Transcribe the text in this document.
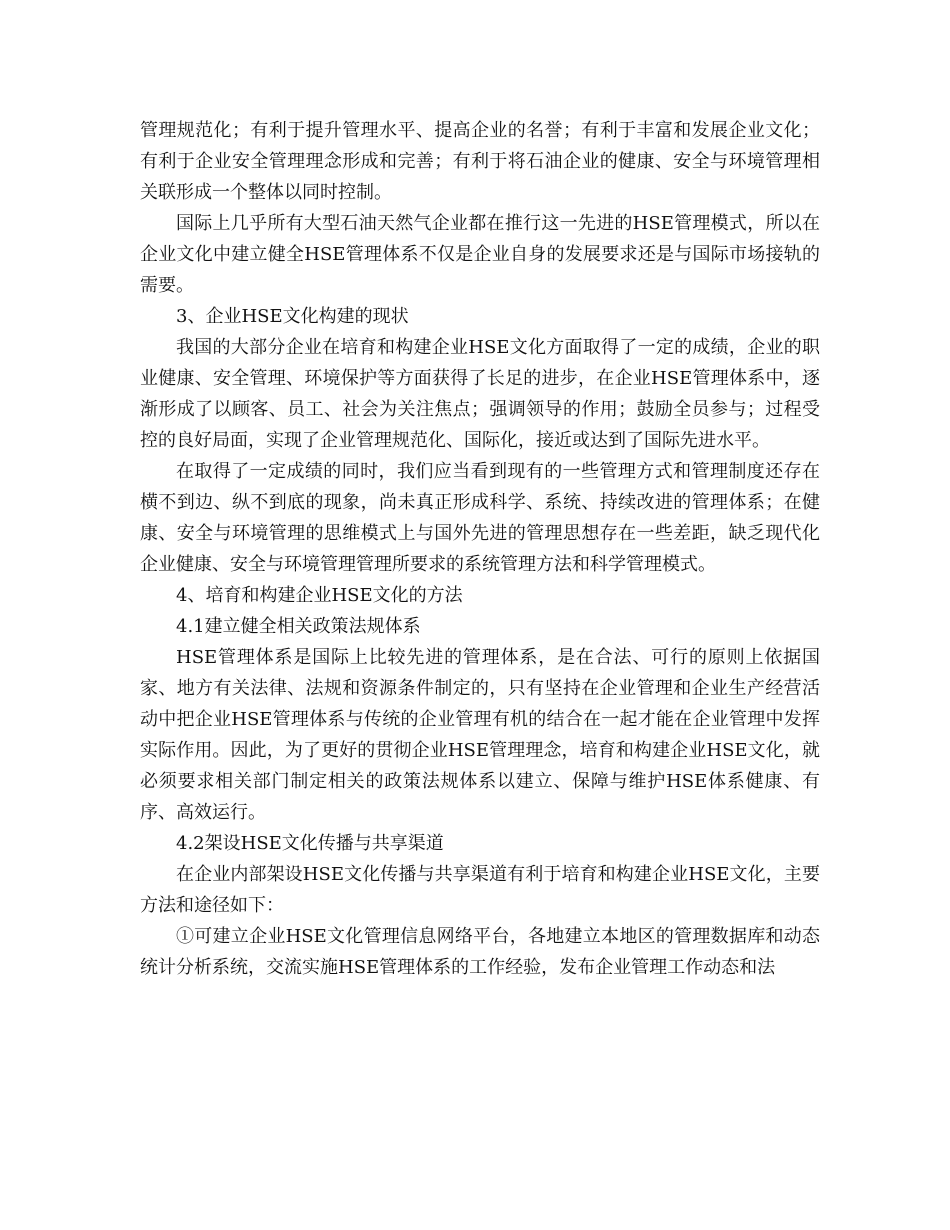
管理规范化；有利于提升管理水平、提高企业的名誉；有利于丰富和发展企业文化；有利于企业安全管理理念形成和完善；有利于将石油企业的健康、安全与环境管理相关联形成一个整体以同时控制。

国际上几乎所有大型石油天然气企业都在推行这一先进的HSE管理模式，所以在企业文化中建立健全HSE管理体系不仅是企业自身的发展要求还是与国际市场接轨的需要。

3、企业HSE文化构建的现状

我国的大部分企业在培育和构建企业HSE文化方面取得了一定的成绩，企业的职业健康、安全管理、环境保护等方面获得了长足的进步，在企业HSE管理体系中，逐渐形成了以顾客、员工、社会为关注焦点；强调领导的作用；鼓励全员参与；过程受控的良好局面，实现了企业管理规范化、国际化，接近或达到了国际先进水平。

在取得了一定成绩的同时，我们应当看到现有的一些管理方式和管理制度还存在横不到边、纵不到底的现象，尚未真正形成科学、系统、持续改进的管理体系；在健康、安全与环境管理的思维模式上与国外先进的管理思想存在一些差距，缺乏现代化企业健康、安全与环境管理管理所要求的系统管理方法和科学管理模式。

4、培育和构建企业HSE文化的方法

4.1建立健全相关政策法规体系

HSE管理体系是国际上比较先进的管理体系，是在合法、可行的原则上依据国家、地方有关法律、法规和资源条件制定的，只有坚持在企业管理和企业生产经营活动中把企业HSE管理体系与传统的企业管理有机的结合在一起才能在企业管理中发挥实际作用。因此，为了更好的贯彻企业HSE管理理念，培育和构建企业HSE文化，就必须要求相关部门制定相关的政策法规体系以建立、保障与维护HSE体系健康、有序、高效运行。

4.2架设HSE文化传播与共享渠道

在企业内部架设HSE文化传播与共享渠道有利于培育和构建企业HSE文化，主要方法和途径如下：

①可建立企业HSE文化管理信息网络平台，各地建立本地区的管理数据库和动态统计分析系统，交流实施HSE管理体系的工作经验，发布企业管理工作动态和法
